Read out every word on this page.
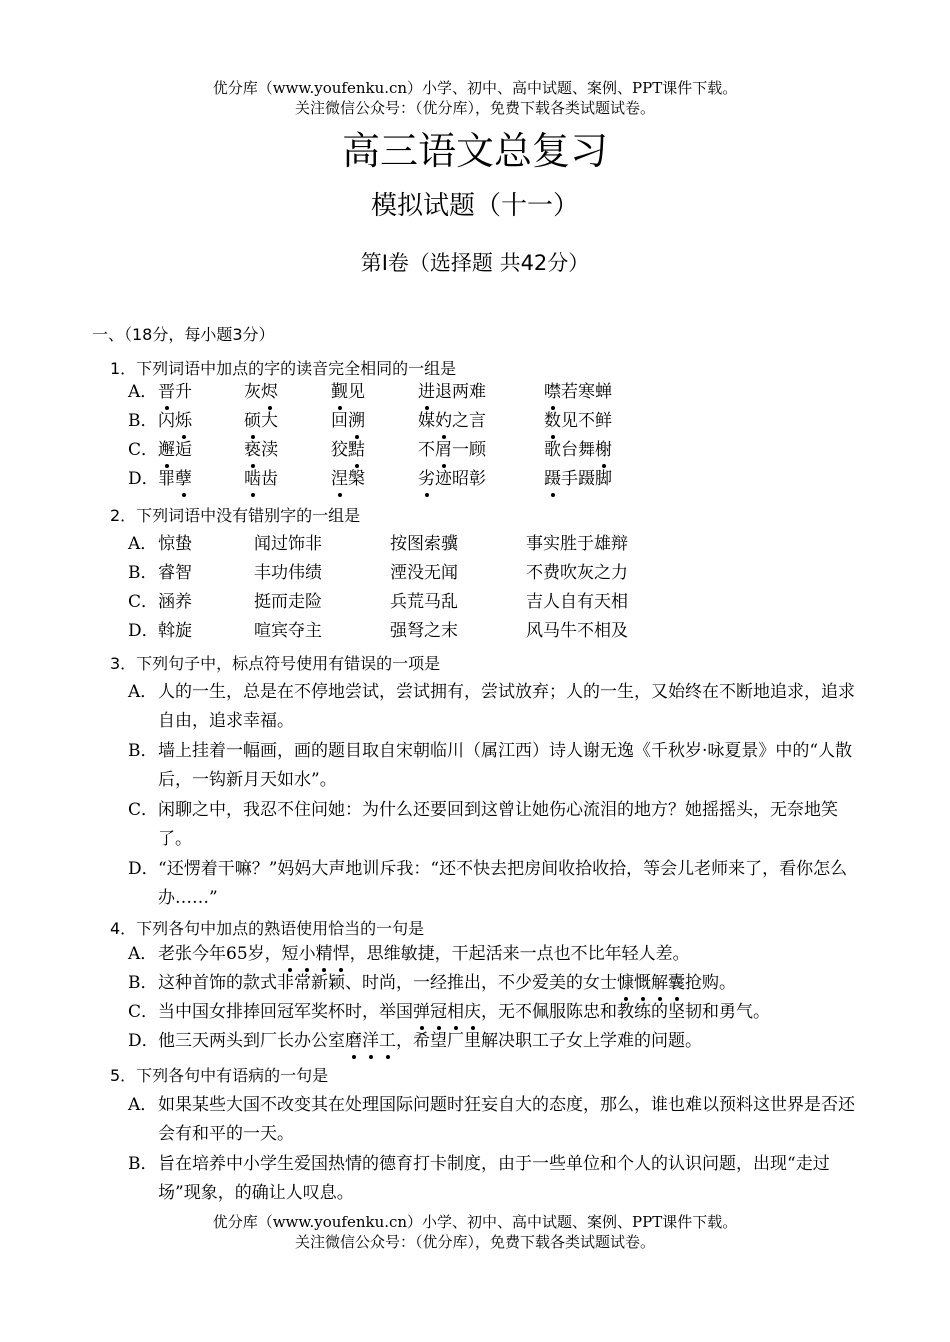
优分库（www.youfenku.cn）小学、初中、高中试题、案例、PPT课件下载。
关注微信公众号：（优分库），免费下载各类试题试卷。
高三语文总复习
模拟试题（十一）
第Ⅰ卷（选择题 共42分）
一、（18分，每小题3分）
1．下列词语中加点的字的读音完全相同的一组是
A． 晋升	灰烬	觐见	进退两难	噤若寒蝉
B． 闪烁	硕大	回溯	媒妁之言	数见不鲜
C． 邂逅	亵渎	狡黠	不屑一顾	歌台舞榭
D． 罪孽	啮齿	涅槃	劣迹昭彰	蹑手蹑脚
2．下列词语中没有错别字的一组是
A． 惊蛰	闻过饰非	按图索骥	事实胜于雄辩
B． 睿智	丰功伟绩	湮没无闻	不费吹灰之力
C． 涵养	挺而走险	兵荒马乱	吉人自有天相
D． 斡旋	喧宾夺主	强弩之末	风马牛不相及
3．下列句子中，标点符号使用有错误的一项是
A． 人的一生，总是在不停地尝试，尝试拥有，尝试放弃；人的一生，又始终在不断地追求，追求自由，追求幸福。
B． 墙上挂着一幅画，画的题目取自宋朝临川（属江西）诗人谢无逸《千秋岁·咏夏景》中的“人散后，一钩新月天如水”。
C． 闲聊之中，我忍不住问她：为什么还要回到这曾让她伤心流泪的地方？她摇摇头，无奈地笑了。
D． “还愣着干嘛？”妈妈大声地训斥我：“还不快去把房间收拾收拾，等会儿老师来了，看你怎么办……”
4．下列各句中加点的熟语使用恰当的一句是
A． 老张今年65岁，短小精悍，思维敏捷，干起活来一点也不比年轻人差。
B． 这种首饰的款式非常新颖、时尚，一经推出，不少爱美的女士慷慨解囊抢购。
C． 当中国女排捧回冠军奖杯时，举国弹冠相庆，无不佩服陈忠和教练的坚韧和勇气。
D． 他三天两头到厂长办公室磨洋工，希望厂里解决职工子女上学难的问题。
5．下列各句中有语病的一句是
A． 如果某些大国不改变其在处理国际问题时狂妄自大的态度，那么，谁也难以预料这世界是否还会有和平的一天。
B． 旨在培养中小学生爱国热情的德育打卡制度，由于一些单位和个人的认识问题，出现“走过场”现象，的确让人叹息。
优分库（www.youfenku.cn）小学、初中、高中试题、案例、PPT课件下载。
关注微信公众号：（优分库），免费下载各类试题试卷。
